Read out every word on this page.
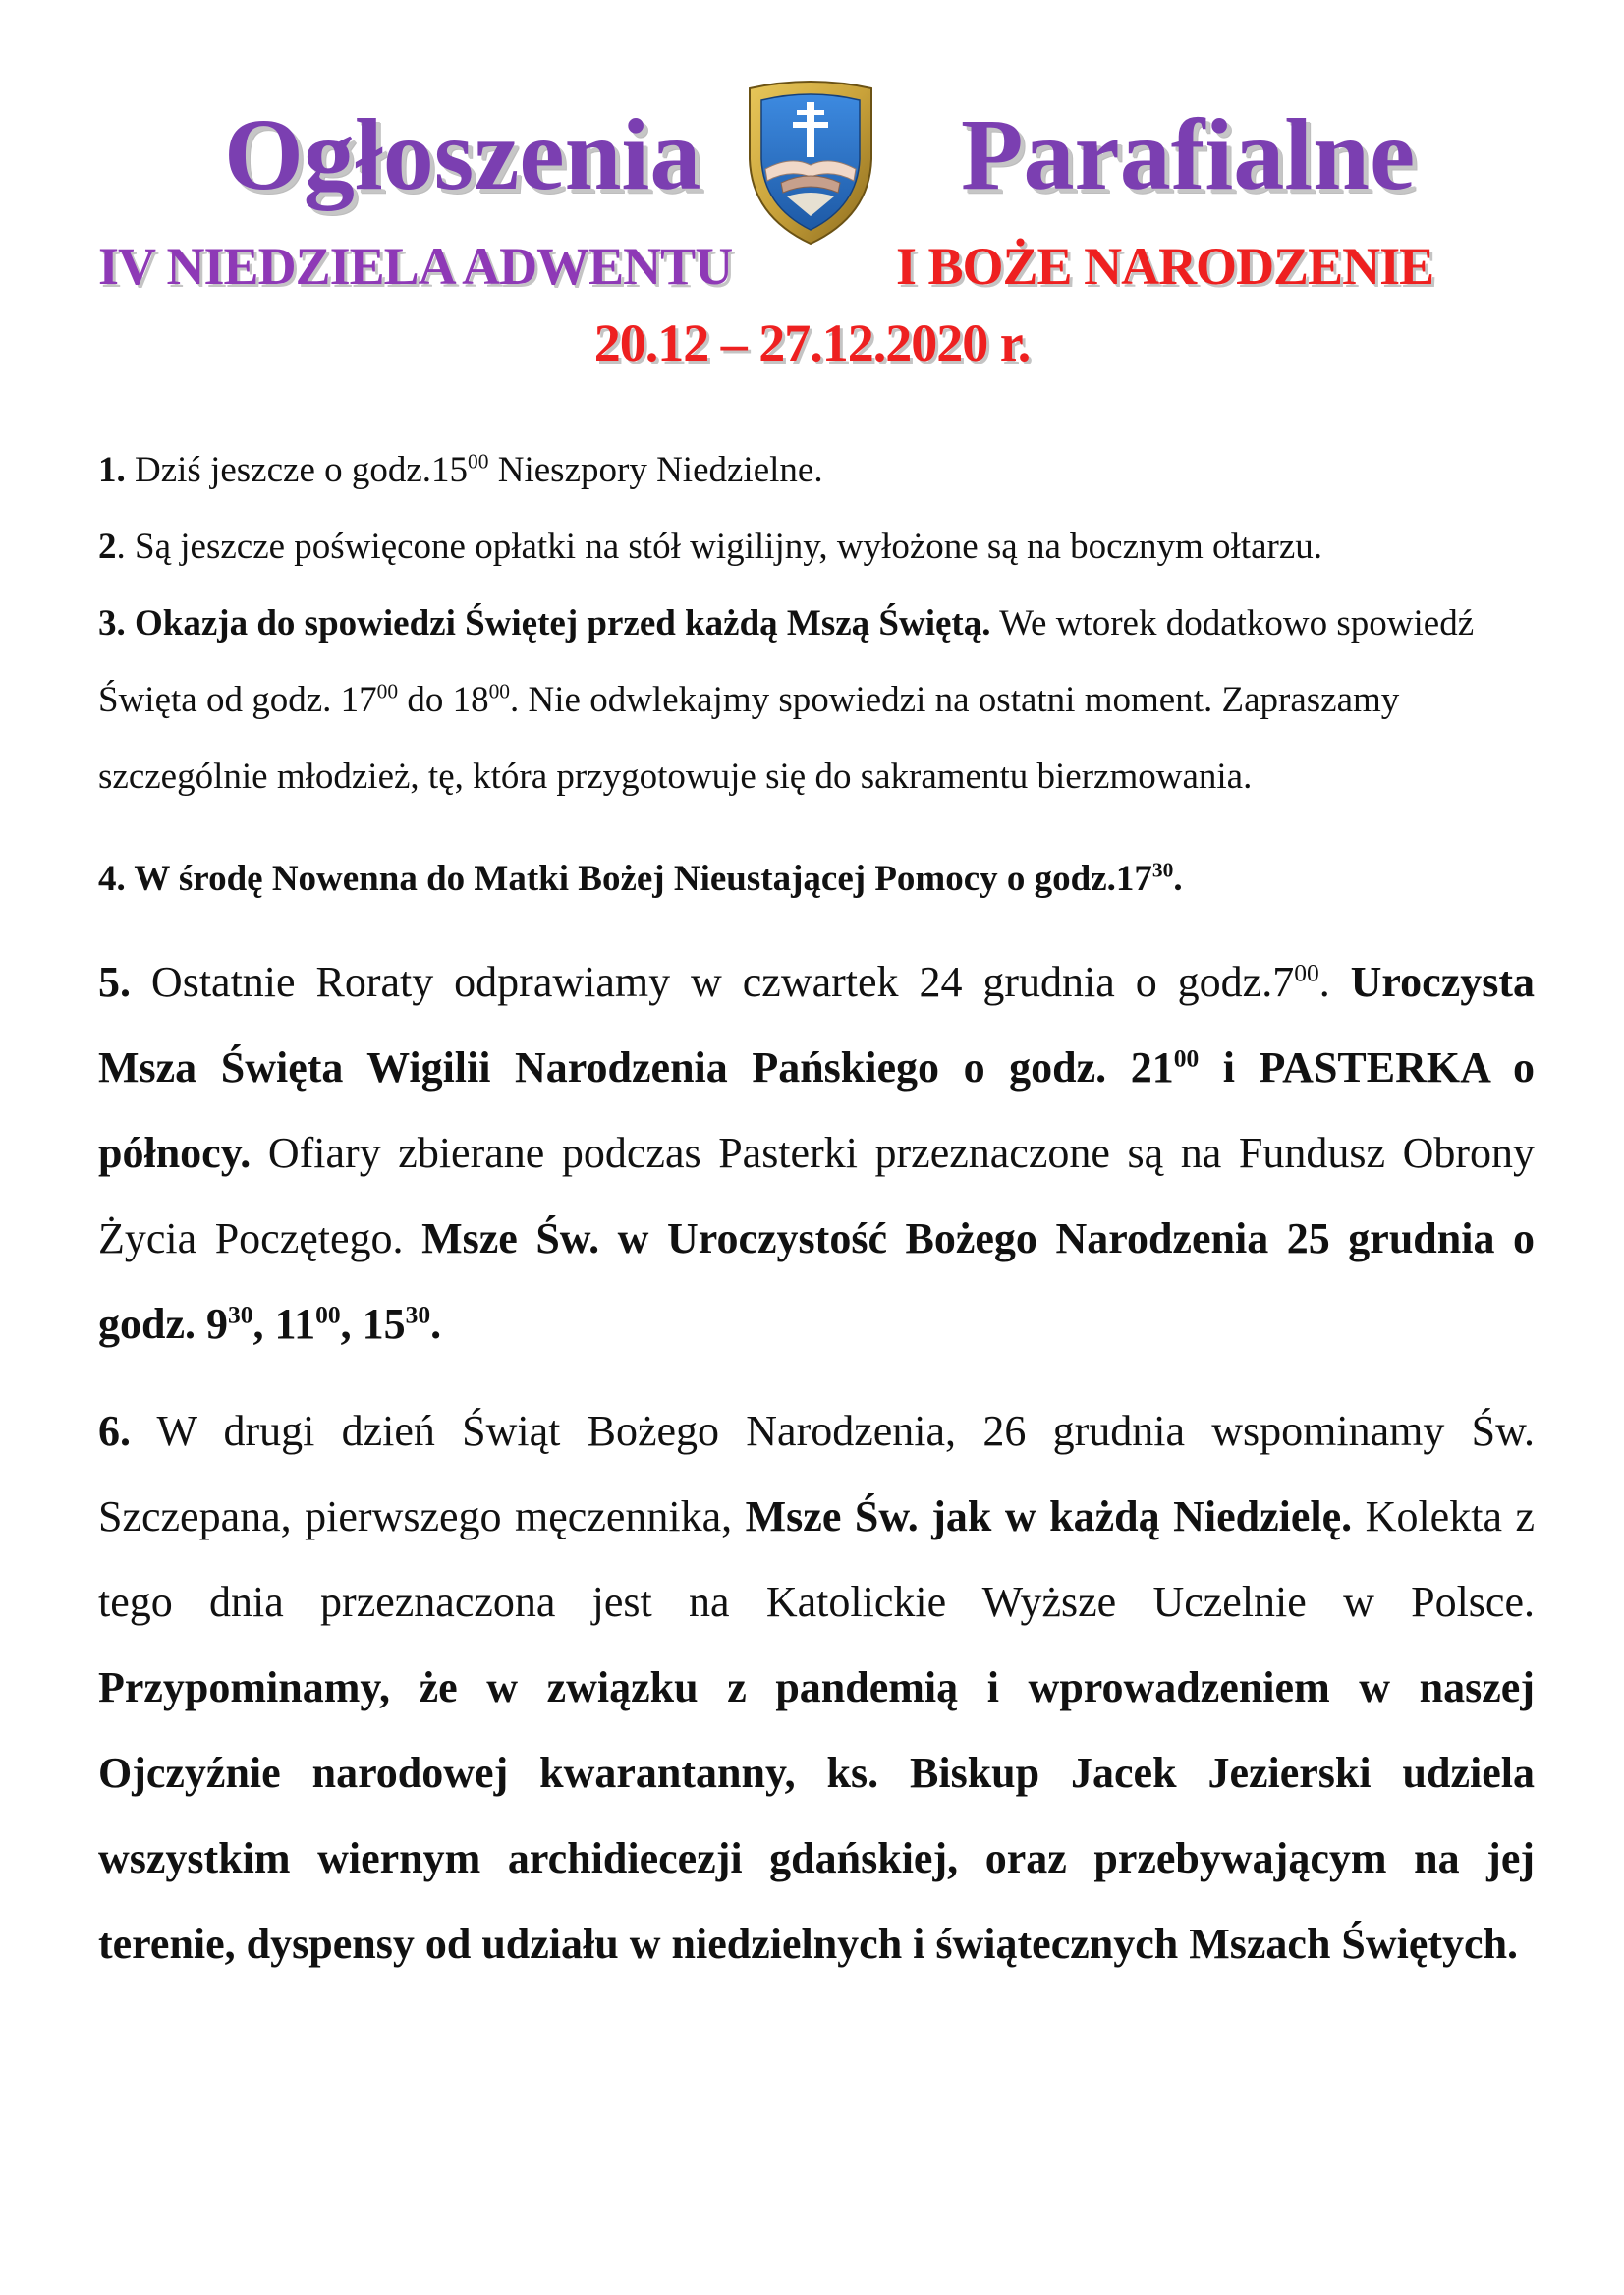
Ogłoszenia	Parafialne
IV NIEDZIELA ADWENTU	I BOŻE NARODZENIE
20.12 – 27.12.2020 r.

1. Dziś jeszcze o $godz.15^{00}$ Nieszpory Niedzielne.

2. Są jeszcze poświęcone opłatki na stół wigilijny, wyłożone są na bocznym ołtarzu.

3. Okazja do spowiedzi Świętej przed każdą Mszą Świętą. We wtorek dodatkowo spowiedź Święta od godz. $17^{00}$ do $18^{00}$. Nie odwlekajmy spowiedzi na ostatni moment. Zapraszamy szczególnie młodzież, tę, która przygotowuje się do sakramentu bierzmowania.

4. W środę Nowenna do Matki Bożej Nieustającej Pomocy o $godz.17^{30}$.

5. Ostatnie Roraty odprawiamy w czwartek 24 grudnia o $godz.7^{00}$. Uroczysta Msza Święta Wigilii Narodzenia Pańskiego o godz. $21^{00}$ i PASTERKA o północy. Ofiary zbierane podczas Pasterki przeznaczone są na Fundusz Obrony Życia Poczętego. Msze Św. w Uroczystość Bożego Narodzenia 25 grudnia o godz. $9^{30}$, $11^{00}$, $15^{30}$.

6. W drugi dzień Świąt Bożego Narodzenia, 26 grudnia wspominamy Św. Szczepana, pierwszego męczennika, Msze Św. jak w każdą Niedzielę. Kolekta z tego dnia przeznaczona jest na Katolickie Wyższe Uczelnie w Polsce. Przypominamy, że w związku z pandemią i wprowadzeniem w naszej Ojczyźnie narodowej kwarantanny, ks. Biskup Jacek Jezierski udziela wszystkim wiernym archidiecezji gdańskiej, oraz przebywającym na jej terenie, dyspensy od udziału w niedzielnych i świątecznych Mszach Świętych.
